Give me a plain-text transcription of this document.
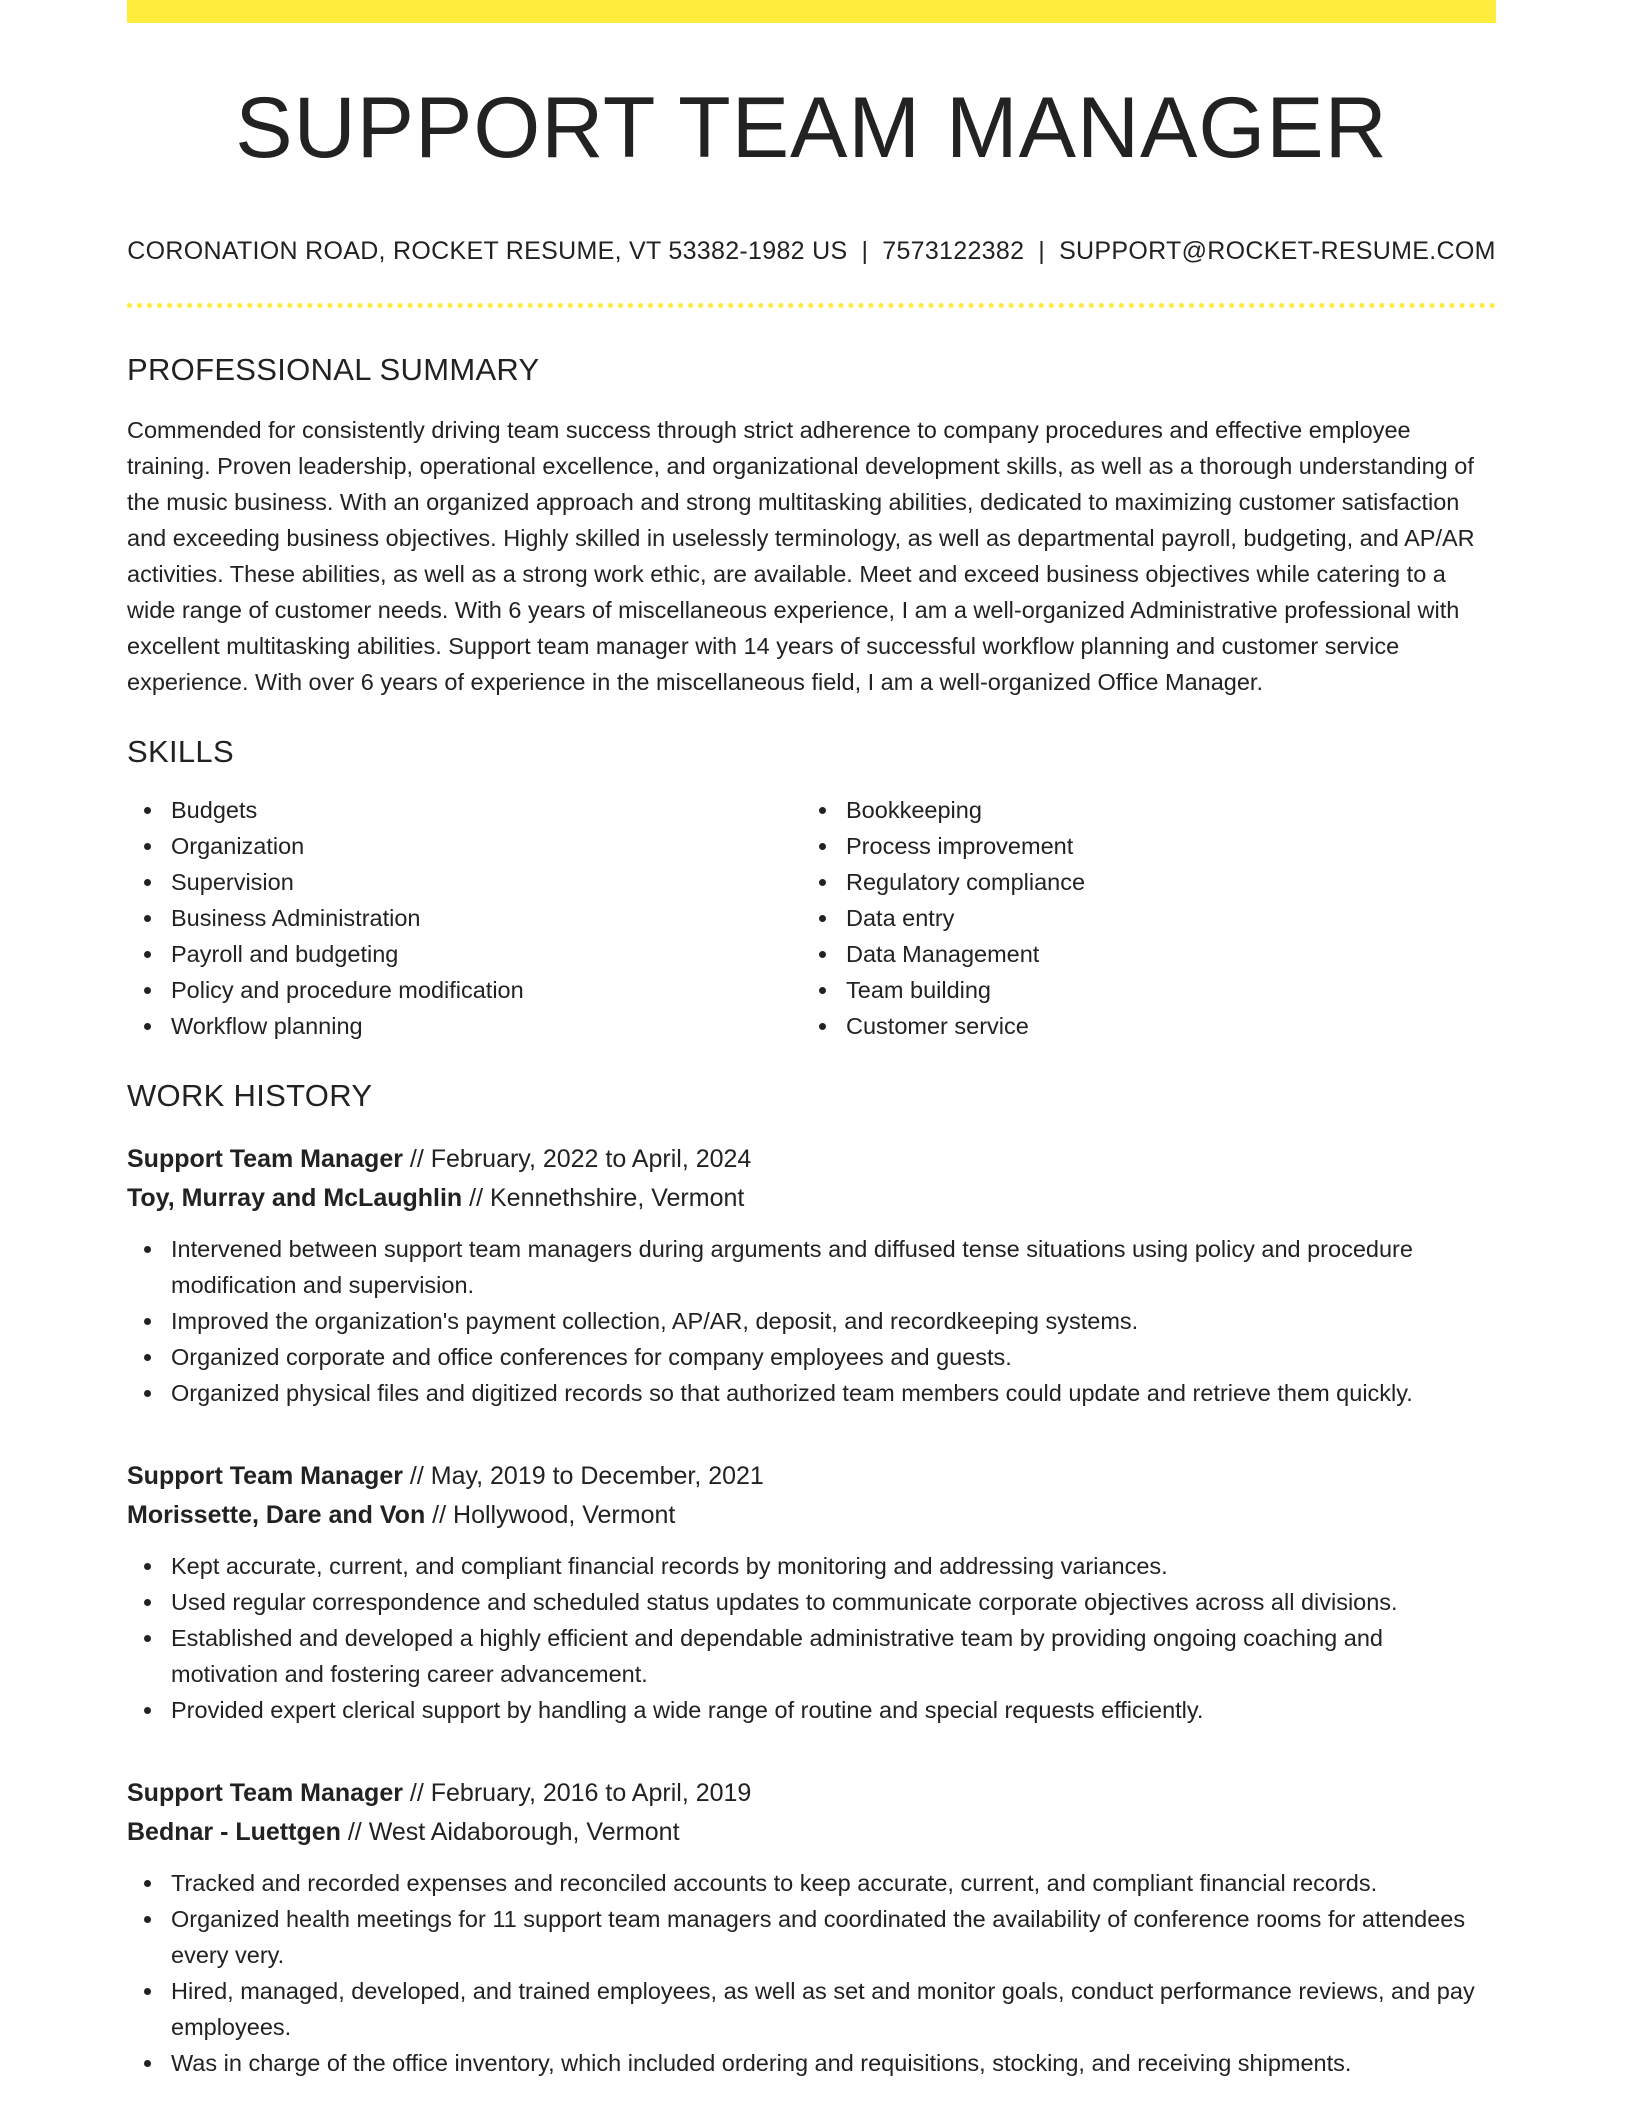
SUPPORT TEAM MANAGER
CORONATION ROAD, ROCKET RESUME, VT 53382-1982 US | 7573122382 | SUPPORT@ROCKET-RESUME.COM
PROFESSIONAL SUMMARY

Commended for consistently driving team success through strict adherence to company procedures and effective employee training. Proven leadership, operational excellence, and organizational development skills, as well as a thorough understanding of the music business. With an organized approach and strong multitasking abilities, dedicated to maximizing customer satisfaction and exceeding business objectives. Highly skilled in uselessly terminology, as well as departmental payroll, budgeting, and AP/AR activities. These abilities, as well as a strong work ethic, are available. Meet and exceed business objectives while catering to a wide range of customer needs. With 6 years of miscellaneous experience, I am a well-organized Administrative professional with excellent multitasking abilities. Support team manager with 14 years of successful workflow planning and customer service experience. With over 6 years of experience in the miscellaneous field, I am a well-organized Office Manager.

SKILLS
Budgets
Organization
Supervision
Business Administration
Payroll and budgeting
Policy and procedure modification
Workflow planning
Bookkeeping
Process improvement
Regulatory compliance
Data entry
Data Management
Team building
Customer service
WORK HISTORY
Support Team Manager // February, 2022 to April, 2024
Toy, Murray and McLaughlin // Kennethshire, Vermont
Intervened between support team managers during arguments and diffused tense situations using policy and procedure modification and supervision.
Improved the organization's payment collection, AP/AR, deposit, and recordkeeping systems.
Organized corporate and office conferences for company employees and guests.
Organized physical files and digitized records so that authorized team members could update and retrieve them quickly.
Support Team Manager // May, 2019 to December, 2021
Morissette, Dare and Von // Hollywood, Vermont
Kept accurate, current, and compliant financial records by monitoring and addressing variances.
Used regular correspondence and scheduled status updates to communicate corporate objectives across all divisions.
Established and developed a highly efficient and dependable administrative team by providing ongoing coaching and motivation and fostering career advancement.
Provided expert clerical support by handling a wide range of routine and special requests efficiently.
Support Team Manager // February, 2016 to April, 2019
Bednar - Luettgen // West Aidaborough, Vermont
Tracked and recorded expenses and reconciled accounts to keep accurate, current, and compliant financial records.
Organized health meetings for 11 support team managers and coordinated the availability of conference rooms for attendees every very.
Hired, managed, developed, and trained employees, as well as set and monitor goals, conduct performance reviews, and pay employees.
Was in charge of the office inventory, which included ordering and requisitions, stocking, and receiving shipments.
